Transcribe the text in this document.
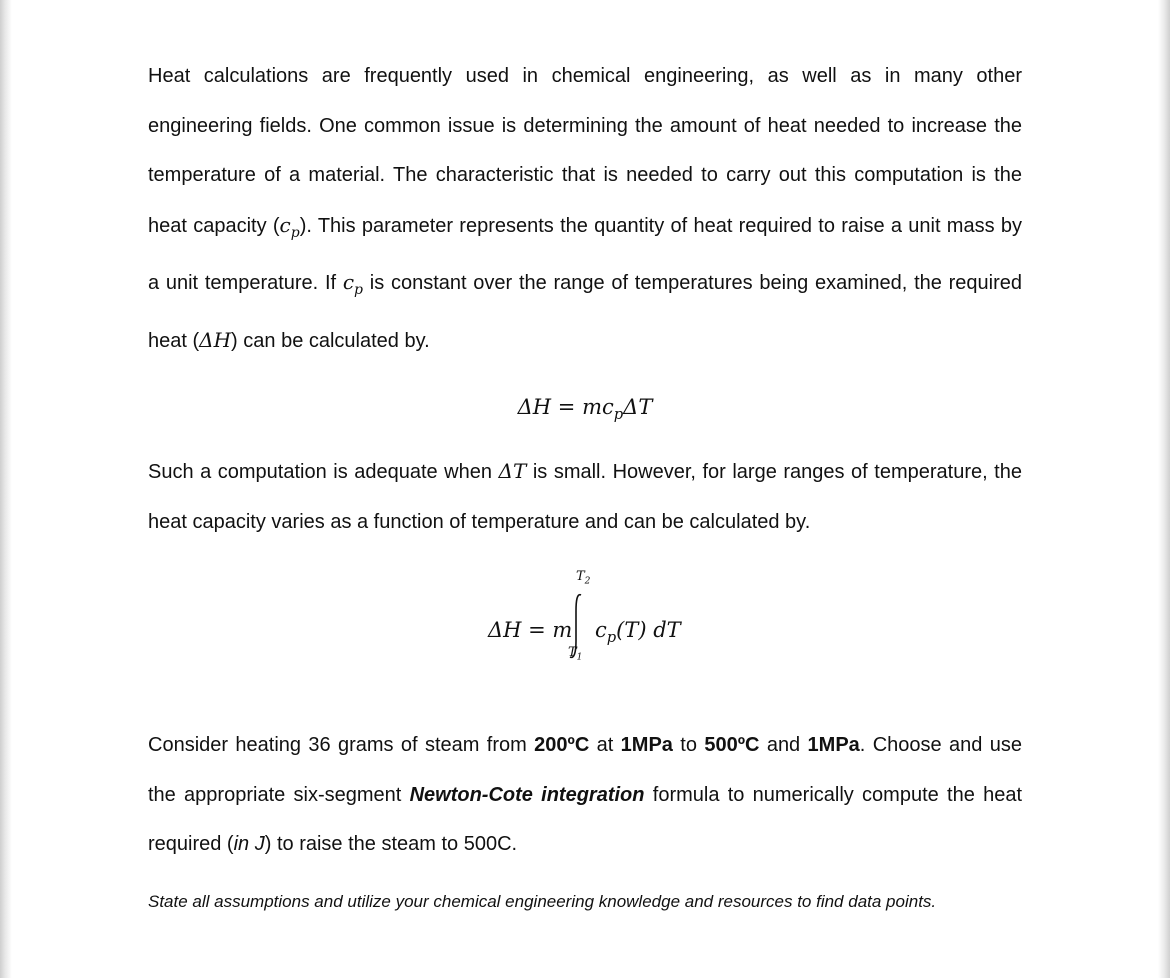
Heat calculations are frequently used in chemical engineering, as well as in many other engineering fields. One common issue is determining the amount of heat needed to increase the temperature of a material. The characteristic that is needed to carry out this computation is the heat capacity $(c_p)$. This parameter represents the quantity of heat required to raise a unit mass by a unit temperature. If $c_p$ is constant over the range of temperatures being examined, the required heat (ΔH) can be calculated by.

$\Delta H = mc_p\Delta T$

Such a computation is adequate when ΔT is small. However, for large ranges of temperature, the heat capacity varies as a function of temperature and can be calculated by.

ΔH = m
$T_2$
$T_1$
$c_p(T)$ dT

Consider heating 36 grams of steam from 200ºC at 1MPa to 500ºC and 1MPa. Choose and use the appropriate six-segment Newton-Cote integration formula to numerically compute the heat required (in J) to raise the steam to 500C.

State all assumptions and utilize your chemical engineering knowledge and resources to find data points.
